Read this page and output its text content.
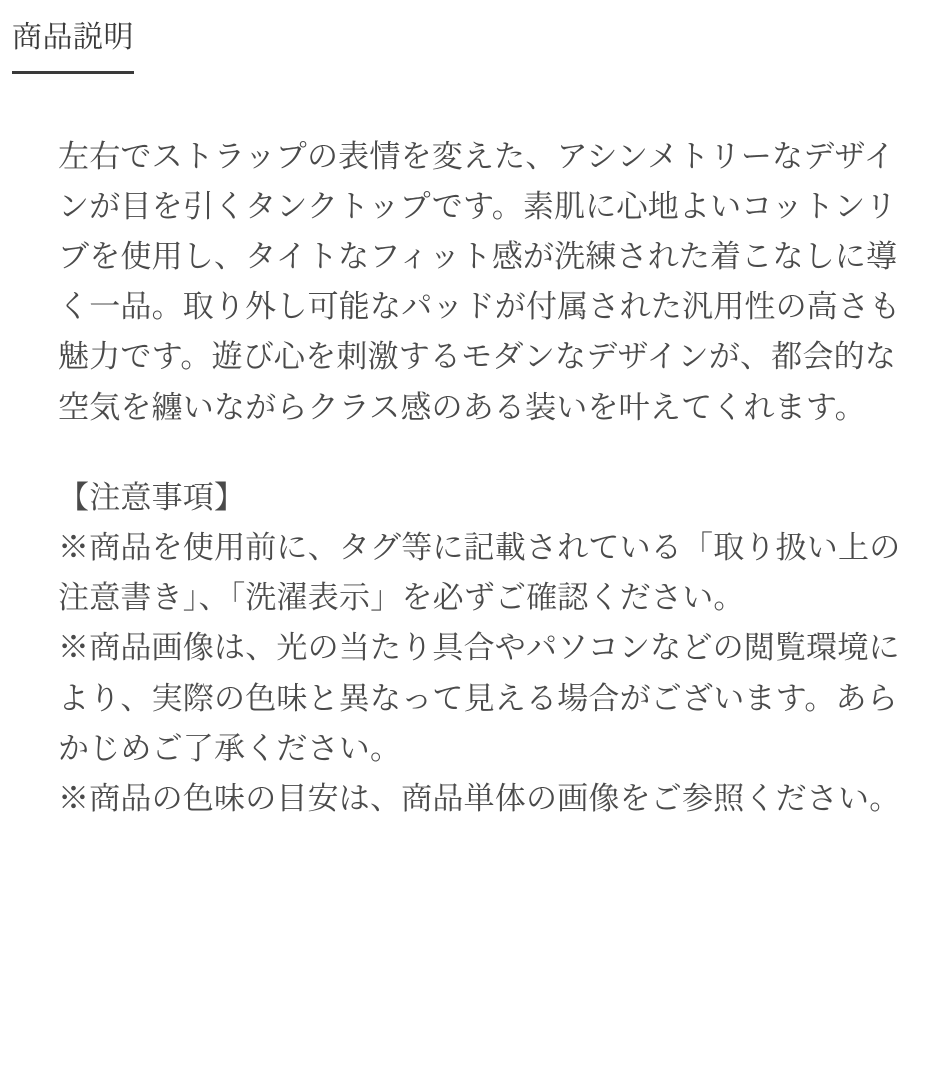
商品説明

左右でストラップの表情を変えた、アシンメトリーなデザインが目を引くタンクトップです。素肌に心地よいコットンリブを使用し、タイトなフィット感が洗練された着こなしに導く一品。取り外し可能なパッドが付属された汎用性の高さも魅力です。遊び心を刺激するモダンなデザインが、都会的な空気を纏いながらクラス感のある装いを叶えてくれます。

【注意事項】

※商品を使用前に、タグ等に記載されている「取り扱い上の注意書き」、「洗濯表示」を必ずご確認ください。
※商品画像は、光の当たり具合やパソコンなどの閲覧環境により、実際の色味と異なって見える場合がございます。あらかじめご了承ください。
※商品の色味の目安は、商品単体の画像をご参照ください。
